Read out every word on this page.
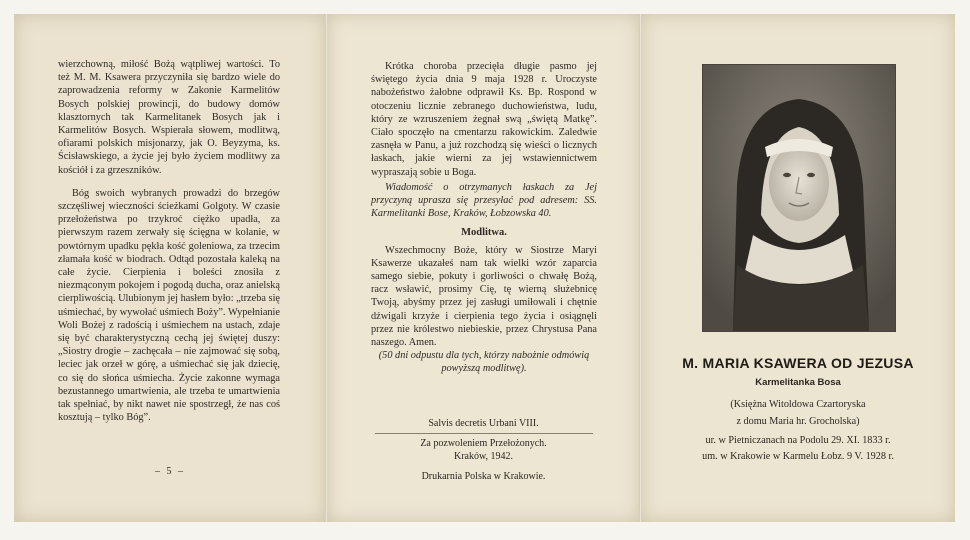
wierzchowną, miłość Bożą wątpliwej wartości. To też M. M. Ksawera przyczyniła się bardzo wiele do zaprowadzenia reformy w Zakonie Karmelitów Bosych polskiej prowincji, do budowy domów klasztornych tak Karmelitanek Bosych jak i Karmelitów Bosych. Wspierała słowem, modlitwą, ofiarami polskich misjonarzy, jak O. Beyzyma, ks. Ścisławskiego, a życie jej było życiem modlitwy za kościół i za grzeszników.

Bóg swoich wybranych prowadzi do brzegów szczęśliwej wieczności ścieżkami Golgoty. W czasie przełożeństwa po trzykroć ciężko upadła, za pierwszym razem zerwały się ścięgna w kolanie, w powtórnym upadku pękła kość goleniowa, za trzecim złamała kość w biodrach. Odtąd pozostała kaleką na całe życie. Cierpienia i boleści znosiła z niezmąconym pokojem i pogodą ducha, oraz anielską cierpliwością. Ulubionym jej hasłem było: „trzeba się uśmiechać, by wywołać uśmiech Boży”. Wypełnianie Woli Bożej z radością i uśmiechem na ustach, zdaje się być charakterystyczną cechą jej świętej duszy: „Siostry drogie – zachęcała – nie zajmować się sobą, leciec jak orzeł w górę, a uśmiechać się jak dziecię, co się do słońca uśmiecha. Życie zakonne wymaga bezustannego umartwienia, ale trzeba te umartwienia tak spełniać, by nikt nawet nie spostrzegł, że nas coś kosztują – tylko Bóg”.

– 5 –

Krótka choroba przecięła długie pasmo jej świętego życia dnia 9 maja 1928 r. Uroczyste nabożeństwo żałobne odprawił Ks. Bp. Rospond w otoczeniu licznie zebranego duchowieństwa, ludu, który ze wzruszeniem żegnał swą „świętą Matkę”. Ciało spoczęło na cmentarzu rakowickim. Zaledwie zasnęła w Panu, a już rozchodzą się wieści o licznych łaskach, jakie wierni za jej wstawiennictwem wypraszają sobie u Boga.

Wiadomość o otrzymanych łaskach za Jej przyczyną uprasza się przesyłać pod adresem: SS. Karmelitanki Bose, Kraków, Łobzowska 40.

Modlitwa.

Wszechmocny Boże, który w Siostrze Maryi Ksawerze ukazałeś nam tak wielki wzór zaparcia samego siebie, pokuty i gorliwości o chwałę Bożą, racz wsławić, prosimy Cię, tę wierną służebnicę Twoją, abyśmy przez jej zasługi umiłowali i chętnie dźwigali krzyże i cierpienia tego życia i osiągnęli przez nie królestwo niebieskie, przez Chrystusa Pana naszego. Amen.

(50 dni odpustu dla tych, którzy nabożnie odmówią powyższą modlitwę).

Salvis decretis Urbani VIII.
Za pozwoleniem Przełożonych.
Kraków, 1942.
Drukarnia Polska w Krakowie.
M. MARIA KSAWERA OD JEZUSA
Karmelitanka Bosa
(Księżna Witoldowa Czartoryska
z domu Maria hr. Grocholska)
ur. w Pietniczanach na Podolu 29. XI. 1833 r.
um. w Krakowie w Karmelu Łobz. 9 V. 1928 r.
